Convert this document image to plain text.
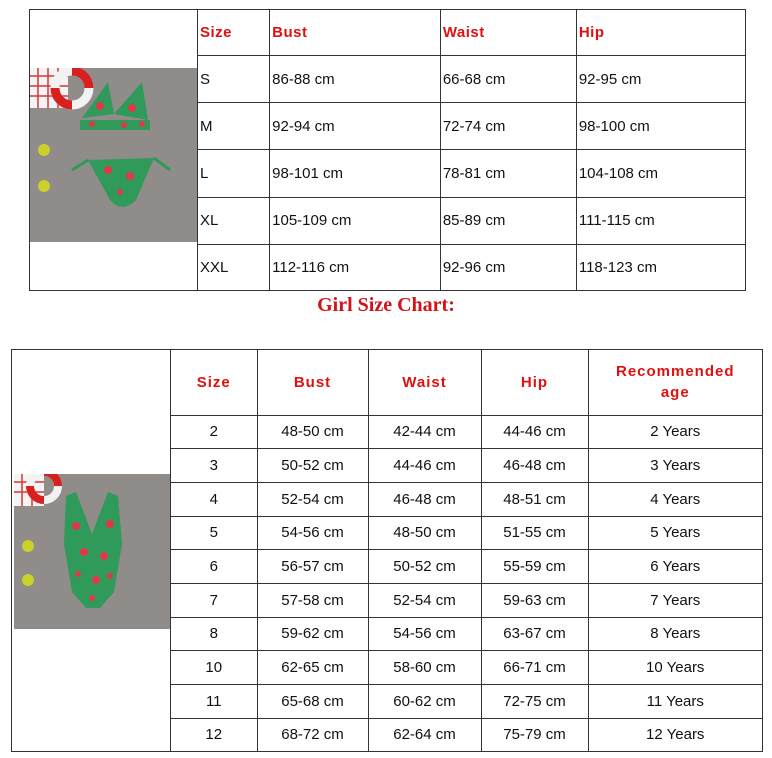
Size	Bust	Waist	Hip
S	86-88 cm	66-68 cm	92-95 cm
M	92-94 cm	72-74 cm	98-100 cm
L	98-101 cm	78-81 cm	104-108 cm
XL	105-109 cm	85-89 cm	111-115 cm
XXL	112-116 cm	92-96 cm	118-123 cm
Girl Size Chart:
Size	Bust	Waist	Hip	Recommended age
2	48-50 cm	42-44 cm	44-46 cm	2 Years
3	50-52 cm	44-46 cm	46-48 cm	3 Years
4	52-54 cm	46-48 cm	48-51 cm	4 Years
5	54-56 cm	48-50 cm	51-55 cm	5 Years
6	56-57 cm	50-52 cm	55-59 cm	6 Years
7	57-58 cm	52-54 cm	59-63 cm	7 Years
8	59-62 cm	54-56 cm	63-67 cm	8 Years
10	62-65 cm	58-60 cm	66-71 cm	10 Years
11	65-68 cm	60-62 cm	72-75 cm	11 Years
12	68-72 cm	62-64 cm	75-79 cm	12 Years
